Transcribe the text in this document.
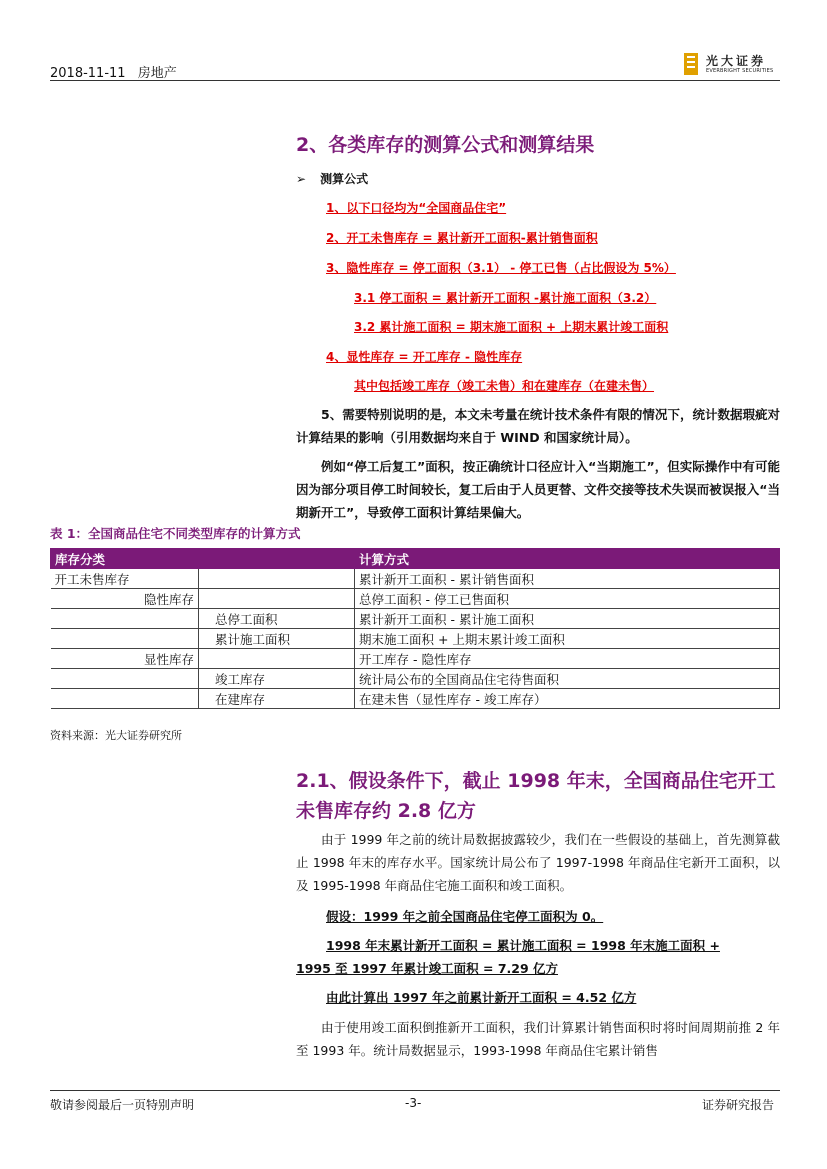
2018-11-11 房地产
光大证券
EVERBRIGHT SECURITIES
2、各类库存的测算公式和测算结果
➢ 测算公式
1、以下口径均为“全国商品住宅”
2、开工未售库存 = 累计新开工面积-累计销售面积
3、隐性库存 = 停工面积（3.1） - 停工已售（占比假设为 5%）
3.1 停工面积 = 累计新开工面积 -累计施工面积（3.2）
3.2 累计施工面积 = 期末施工面积 + 上期末累计竣工面积
4、显性库存 = 开工库存 - 隐性库存
其中包括竣工库存（竣工未售）和在建库存（在建未售）
5、需要特别说明的是，本文未考量在统计技术条件有限的情况下，统计数据瑕疵对计算结果的影响（引用数据均来自于 WIND 和国家统计局）。
例如“停工后复工”面积，按正确统计口径应计入“当期施工”，但实际操作中有可能因为部分项目停工时间较长，复工后由于人员更替、文件交接等技术失误而被误报入“当期新开工”，导致停工面积计算结果偏大。
表 1：全国商品住宅不同类型库存的计算方式
库存分类		计算方式
开工未售库存		累计新开工面积 - 累计销售面积
隐性库存		总停工面积 - 停工已售面积
	总停工面积	累计新开工面积 - 累计施工面积
	累计施工面积	期末施工面积 + 上期末累计竣工面积
显性库存		开工库存 - 隐性库存
	竣工库存	统计局公布的全国商品住宅待售面积
	在建库存	在建未售（显性库存 - 竣工库存）
资料来源：光大证券研究所
2.1、假设条件下，截止 1998 年末，全国商品住宅开工未售库存约 2.8 亿方
由于 1999 年之前的统计局数据披露较少，我们在一些假设的基础上，首先测算截止 1998 年末的库存水平。国家统计局公布了 1997-1998 年商品住宅新开工面积，以及 1995-1998 年商品住宅施工面积和竣工面积。
假设：1999 年之前全国商品住宅停工面积为 0。
1998 年末累计新开工面积 = 累计施工面积 = 1998 年末施工面积 +
1995 至 1997 年累计竣工面积 = 7.29 亿方
由此计算出 1997 年之前累计新开工面积 = 4.52 亿方
由于使用竣工面积倒推新开工面积，我们计算累计销售面积时将时间周期前推 2 年至 1993 年。统计局数据显示，1993-1998 年商品住宅累计销售
敬请参阅最后一页特别声明	-3-	证券研究报告
